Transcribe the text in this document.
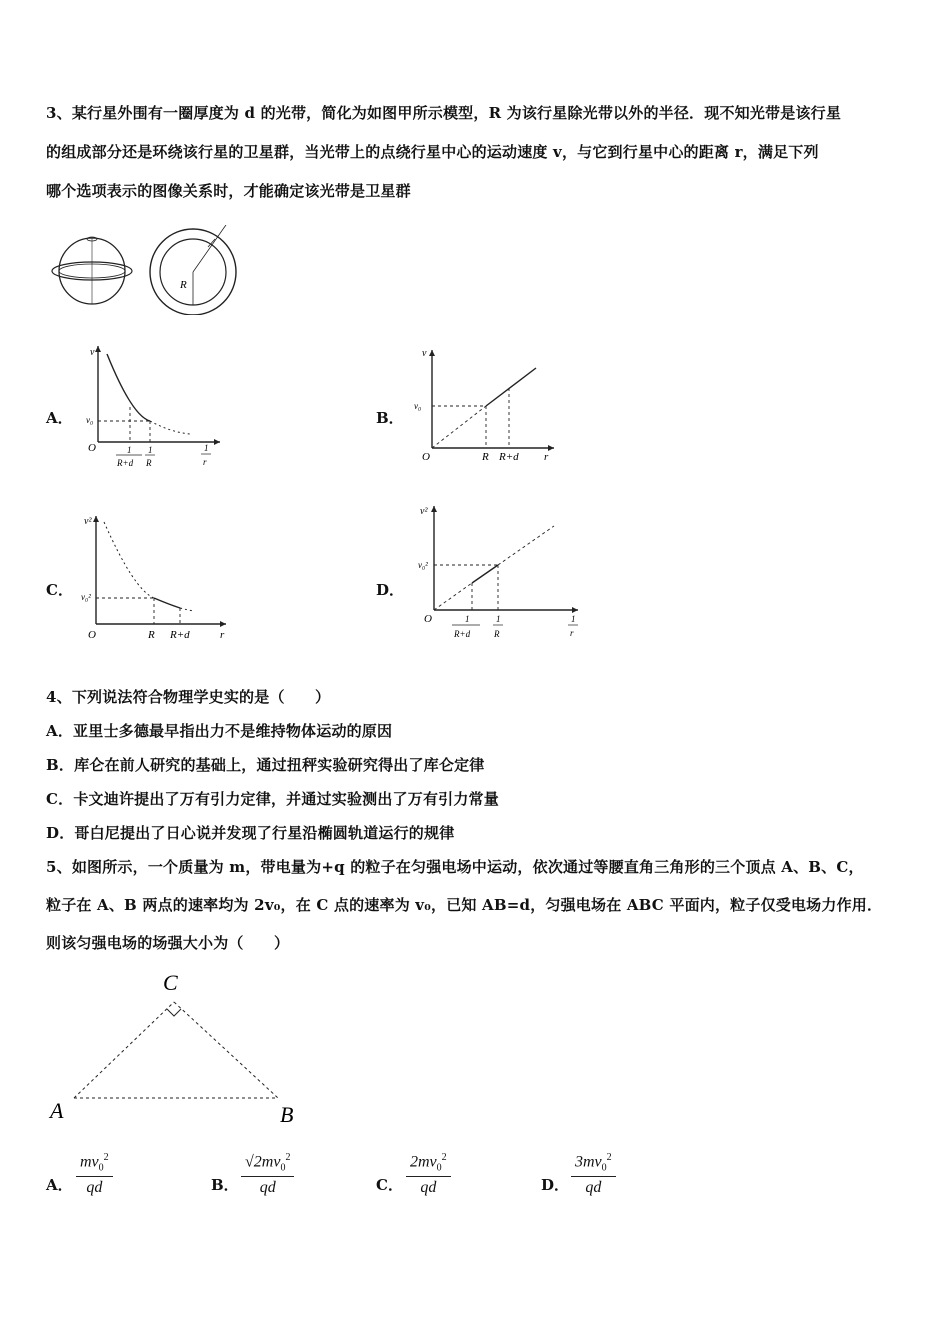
3、某行星外围有一圈厚度为 d 的光带，简化为如图甲所示模型，R 为该行星除光带以外的半径．现不知光带是该行星
的组成部分还是环绕该行星的卫星群，当光带上的点绕行星中心的运动速度 v，与它到行星中心的距离 r，满足下列
哪个选项表示的图像关系时，才能确定该光带是卫星群
R
A．
v
v₀
O	1
R+d
1
R
1
r
B．
v
v₀
O	R R+d r
C．
v²
v₀²
O	R R+d	r
D．
v²
v₀²
O	1
R+d
1
R
1
r
4、下列说法符合物理学史实的是（　　）
A．亚里士多德最早指出力不是维持物体运动的原因
B．库仑在前人研究的基础上，通过扭秤实验研究得出了库仑定律
C．卡文迪许提出了万有引力定律，并通过实验测出了万有引力常量
D．哥白尼提出了日心说并发现了行星沿椭圆轨道运行的规律
5、如图所示，一个质量为 m，带电量为+q 的粒子在匀强电场中运动，依次通过等腰直角三角形的三个顶点 A、B、C，
粒子在 A、B 两点的速率均为 2v₀，在 C 点的速率为 v₀，已知 AB=d，匀强电场在 ABC 平面内，粒子仅受电场力作用．
则该匀强电场的场强大小为（　　）
A
C
B
A． $\frac{mv_0^2}{qd}$	B． $\frac{√2mv_0^2}{qd}$	C． $\frac{2mv_0^2}{qd}$	D． $\frac{3mv_0^2}{qd}$
